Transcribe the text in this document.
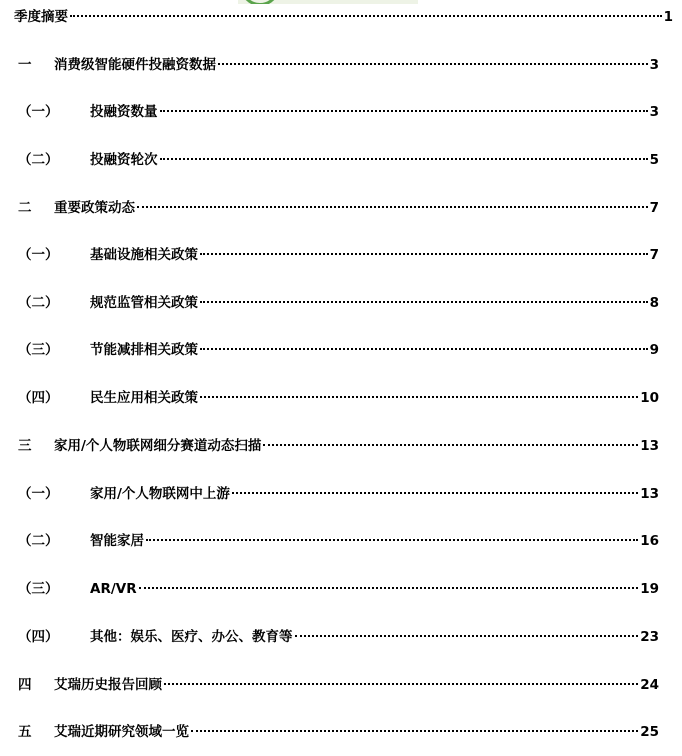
季度摘要	1
一	消费级智能硬件投融资数据	3
（一）	投融资数量	3
（二）	投融资轮次	5
二	重要政策动态	7
（一）	基础设施相关政策	7
（二）	规范监管相关政策	8
（三）	节能减排相关政策	9
（四）	民生应用相关政策	10
三	家用/个人物联网细分赛道动态扫描	13
（一）	家用/个人物联网中上游	13
（二）	智能家居	16
（三）	AR/VR	19
（四）	其他：娱乐、医疗、办公、教育等	23
四	艾瑞历史报告回顾	24
五	艾瑞近期研究领域一览	25
